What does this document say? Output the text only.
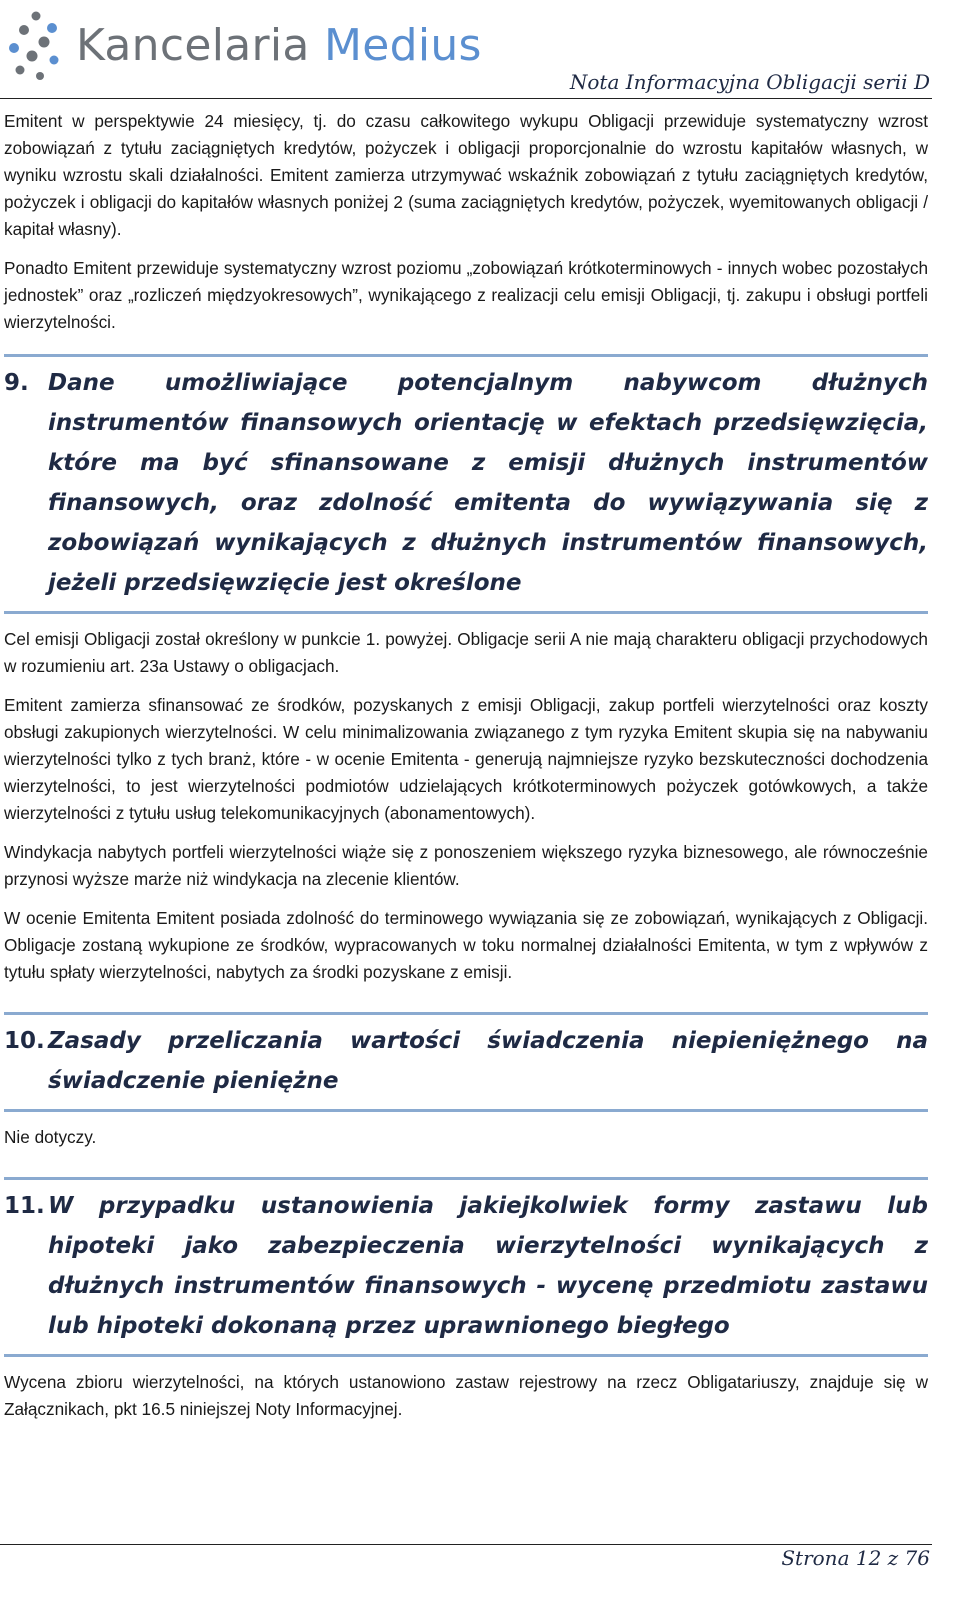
Kancelaria Medius
Nota Informacyjna Obligacji serii D

Emitent w perspektywie 24 miesięcy, tj. do czasu całkowitego wykupu Obligacji przewiduje systematyczny wzrost zobowiązań z tytułu zaciągniętych kredytów, pożyczek i obligacji proporcjonalnie do wzrostu kapitałów własnych, w wyniku wzrostu skali działalności. Emitent zamierza utrzymywać wskaźnik zobowiązań z tytułu zaciągniętych kredytów, pożyczek i obligacji do kapitałów własnych poniżej 2 (suma zaciągniętych kredytów, pożyczek, wyemitowanych obligacji / kapitał własny).

Ponadto Emitent przewiduje systematyczny wzrost poziomu „zobowiązań krótkoterminowych - innych wobec pozostałych jednostek” oraz „rozliczeń międzyokresowych”, wynikającego z realizacji celu emisji Obligacji, tj. zakupu i obsługi portfeli wierzytelności.

9. Dane umożliwiające potencjalnym nabywcom dłużnych instrumentów finansowych orientację w efektach przedsięwzięcia, które ma być sfinansowane z emisji dłużnych instrumentów finansowych, oraz zdolność emitenta do wywiązywania się z zobowiązań wynikających z dłużnych instrumentów finansowych, jeżeli przedsięwzięcie jest określone

Cel emisji Obligacji został określony w punkcie 1. powyżej. Obligacje serii A nie mają charakteru obligacji przychodowych w rozumieniu art. 23a Ustawy o obligacjach.

Emitent zamierza sfinansować ze środków, pozyskanych z emisji Obligacji, zakup portfeli wierzytelności oraz koszty obsługi zakupionych wierzytelności. W celu minimalizowania związanego z tym ryzyka Emitent skupia się na nabywaniu wierzytelności tylko z tych branż, które - w ocenie Emitenta - generują najmniejsze ryzyko bezskuteczności dochodzenia wierzytelności, to jest wierzytelności podmiotów udzielających krótkoterminowych pożyczek gotówkowych, a także wierzytelności z tytułu usług telekomunikacyjnych (abonamentowych).

Windykacja nabytych portfeli wierzytelności wiąże się z ponoszeniem większego ryzyka biznesowego, ale równocześnie przynosi wyższe marże niż windykacja na zlecenie klientów.

W ocenie Emitenta Emitent posiada zdolność do terminowego wywiązania się ze zobowiązań, wynikających z Obligacji. Obligacje zostaną wykupione ze środków, wypracowanych w toku normalnej działalności Emitenta, w tym z wpływów z tytułu spłaty wierzytelności, nabytych za środki pozyskane z emisji.

10. Zasady przeliczania wartości świadczenia niepieniężnego na świadczenie pieniężne

Nie dotyczy.

11. W przypadku ustanowienia jakiejkolwiek formy zastawu lub hipoteki jako zabezpieczenia wierzytelności wynikających z dłużnych instrumentów finansowych - wycenę przedmiotu zastawu lub hipoteki dokonaną przez uprawnionego biegłego

Wycena zbioru wierzytelności, na których ustanowiono zastaw rejestrowy na rzecz Obligatariuszy, znajduje się w Załącznikach, pkt 16.5 niniejszej Noty Informacyjnej.

Strona 12 z 76
